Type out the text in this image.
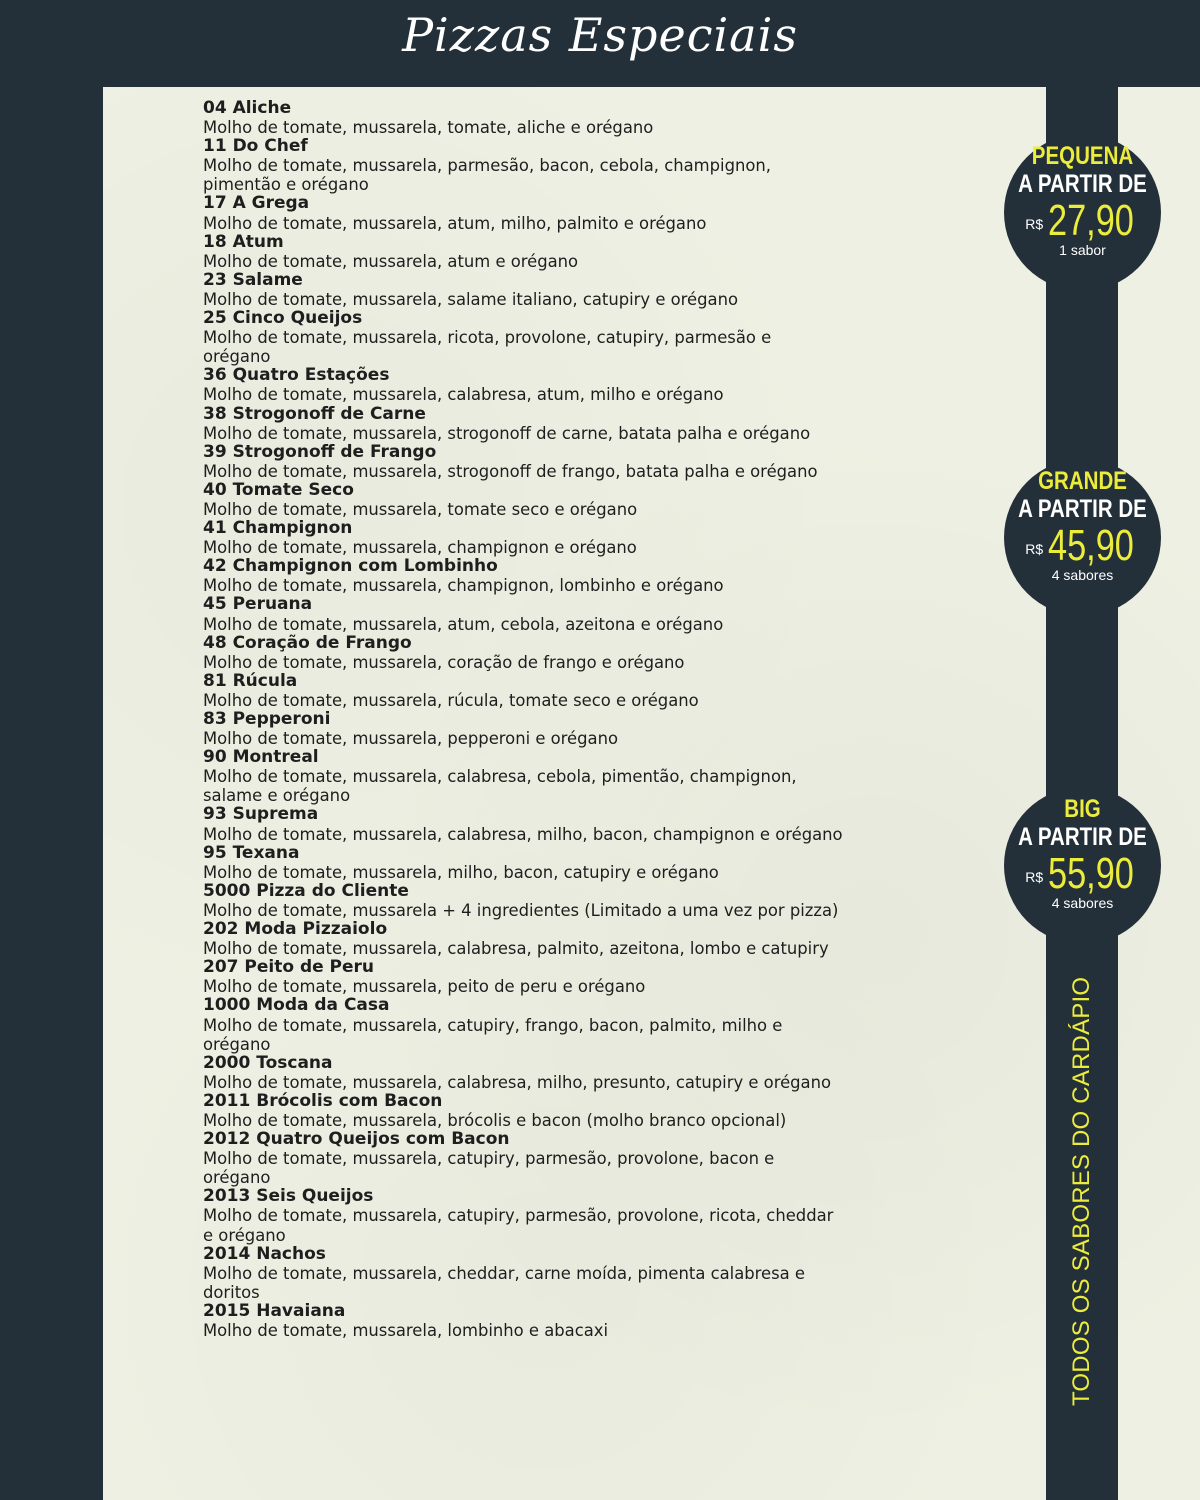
Pizzas Especiais
04 Aliche
Molho de tomate, mussarela, tomate, aliche e orégano
11 Do Chef
Molho de tomate, mussarela, parmesão, bacon, cebola, champignon, pimentão e orégano
17 A Grega
Molho de tomate, mussarela, atum, milho, palmito e orégano
18 Atum
Molho de tomate, mussarela, atum e orégano
23 Salame
Molho de tomate, mussarela, salame italiano, catupiry e orégano
25 Cinco Queijos
Molho de tomate, mussarela, ricota, provolone, catupiry, parmesão e orégano
36 Quatro Estações
Molho de tomate, mussarela, calabresa, atum, milho e orégano
38 Strogonoff de Carne
Molho de tomate, mussarela, strogonoff de carne, batata palha e orégano
39 Strogonoff de Frango
Molho de tomate, mussarela, strogonoff de frango, batata palha e orégano
40 Tomate Seco
Molho de tomate, mussarela, tomate seco e orégano
41 Champignon
Molho de tomate, mussarela, champignon e orégano
42 Champignon com Lombinho
Molho de tomate, mussarela, champignon, lombinho e orégano
45 Peruana
Molho de tomate, mussarela, atum, cebola, azeitona e orégano
48 Coração de Frango
Molho de tomate, mussarela, coração de frango e orégano
81 Rúcula
Molho de tomate, mussarela, rúcula, tomate seco e orégano
83 Pepperoni
Molho de tomate, mussarela, pepperoni e orégano
90 Montreal
Molho de tomate, mussarela, calabresa, cebola, pimentão, champignon, salame e orégano
93 Suprema
Molho de tomate, mussarela, calabresa, milho, bacon, champignon e orégano
95 Texana
Molho de tomate, mussarela, milho, bacon, catupiry e orégano
5000 Pizza do Cliente
Molho de tomate, mussarela + 4 ingredientes (Limitado a uma vez por pizza)
202 Moda Pizzaiolo
Molho de tomate, mussarela, calabresa, palmito, azeitona, lombo e catupiry
207 Peito de Peru
Molho de tomate, mussarela, peito de peru e orégano
1000 Moda da Casa
Molho de tomate, mussarela, catupiry, frango, bacon, palmito, milho e orégano
2000 Toscana
Molho de tomate, mussarela, calabresa, milho, presunto, catupiry e orégano
2011 Brócolis com Bacon
Molho de tomate, mussarela, brócolis e bacon (molho branco opcional)
2012 Quatro Queijos com Bacon
Molho de tomate, mussarela, catupiry, parmesão, provolone, bacon e orégano
2013 Seis Queijos
Molho de tomate, mussarela, catupiry, parmesão, provolone, ricota, cheddar e orégano
2014 Nachos
Molho de tomate, mussarela, cheddar, carne moída, pimenta calabresa e doritos
2015 Havaiana
Molho de tomate, mussarela, lombinho e abacaxi
PEQUENA
A PARTIR DE
R$ 27,90
1 sabor
GRANDE
A PARTIR DE
R$ 45,90
4 sabores
BIG
A PARTIR DE
R$ 55,90
4 sabores
TODOS OS SABORES DO CARDÁPIO
